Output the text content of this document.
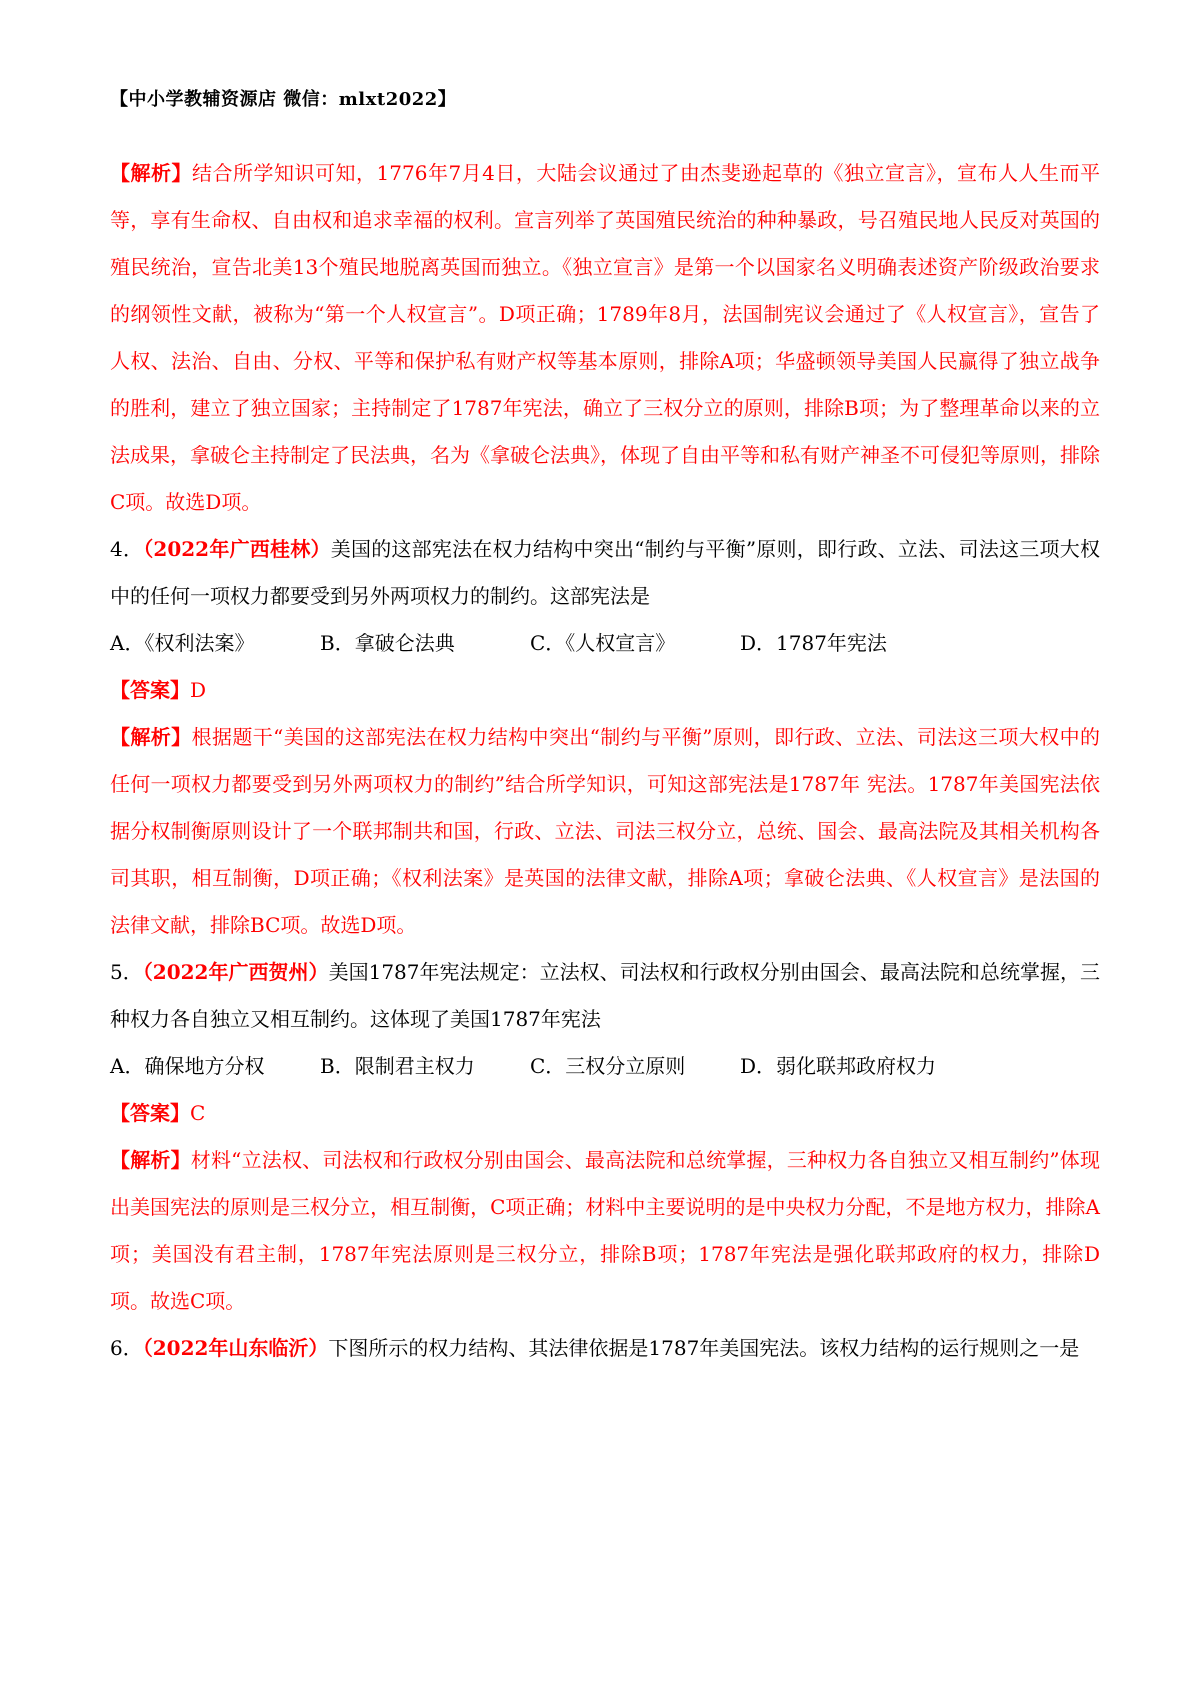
【中小学教辅资源店 微信：mlxt2022】

【解析】结合所学知识可知，1776年7月4日，大陆会议通过了由杰斐逊起草的《独立宣言》，宣布人人生而平等，享有生命权、自由权和追求幸福的权利。宣言列举了英国殖民统治的种种暴政，号召殖民地人民反对英国的殖民统治，宣告北美13个殖民地脱离英国而独立。《独立宣言》是第一个以国家名义明确表述资产阶级政治要求的纲领性文献，被称为“第一个人权宣言”。D项正确；1789年8月，法国制宪议会通过了《人权宣言》，宣告了人权、法治、自由、分权、平等和保护私有财产权等基本原则，排除A项；华盛顿领导美国人民赢得了独立战争的胜利，建立了独立国家；主持制定了1787年宪法，确立了三权分立的原则，排除B项；为了整理革命以来的立法成果，拿破仑主持制定了民法典，名为《拿破仑法典》，体现了自由平等和私有财产神圣不可侵犯等原则，排除C项。故选D项。

4．（2022年广西桂林）美国的这部宪法在权力结构中突出“制约与平衡”原则，即行政、立法、司法这三项大权中的任何一项权力都要受到另外两项权力的制约。这部宪法是

A．《权利法案》	B．拿破仑法典	C．《人权宣言》	D．1787年宪法

【答案】D

【解析】根据题干“美国的这部宪法在权力结构中突出“制约与平衡”原则，即行政、立法、司法这三项大权中的任何一项权力都要受到另外两项权力的制约”结合所学知识，可知这部宪法是1787年 宪法。1787年美国宪法依据分权制衡原则设计了一个联邦制共和国，行政、立法、司法三权分立，总统、国会、最高法院及其相关机构各司其职，相互制衡，D项正确；《权利法案》是英国的法律文献，排除A项；拿破仑法典、《人权宣言》是法国的法律文献，排除BC项。故选D项。

5．（2022年广西贺州）美国1787年宪法规定：立法权、司法权和行政权分别由国会、最高法院和总统掌握，三种权力各自独立又相互制约。这体现了美国1787年宪法

A．确保地方分权	B．限制君主权力	C．三权分立原则	D．弱化联邦政府权力

【答案】C

【解析】材料“立法权、司法权和行政权分别由国会、最高法院和总统掌握，三种权力各自独立又相互制约”体现出美国宪法的原则是三权分立，相互制衡，C项正确；材料中主要说明的是中央权力分配，不是地方权力，排除A项；美国没有君主制，1787年宪法原则是三权分立，排除B项；1787年宪法是强化联邦政府的权力，排除D项。故选C项。

6．（2022年山东临沂）下图所示的权力结构、其法律依据是1787年美国宪法。该权力结构的运行规则之一是
